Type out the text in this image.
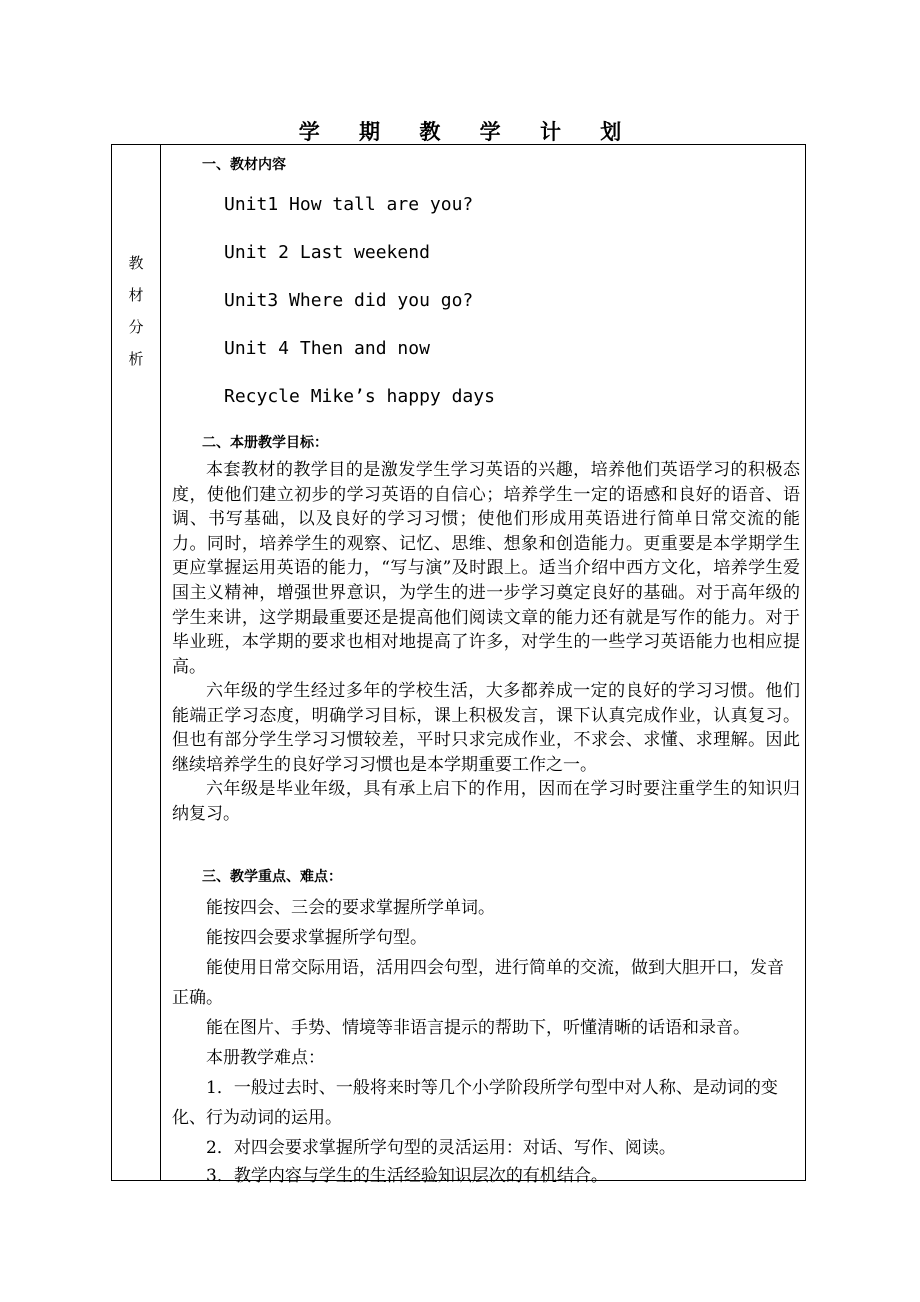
学 期 教 学 计 划
教
材
分
析
一、教材内容
Unit1 How tall are you?
Unit 2 Last weekend
Unit3 Where did you go?
Unit 4 Then and now
Recycle Mike’s happy days
二、本册教学目标：

本套教材的教学目的是激发学生学习英语的兴趣，培养他们英语学习的积极态度，使他们建立初步的学习英语的自信心；培养学生一定的语感和良好的语音、语调、书写基础，以及良好的学习习惯；使他们形成用英语进行简单日常交流的能力。同时，培养学生的观察、记忆、思维、想象和创造能力。更重要是本学期学生更应掌握运用英语的能力，“写与演”及时跟上。适当介绍中西方文化，培养学生爱国主义精神，增强世界意识，为学生的进一步学习奠定良好的基础。对于高年级的学生来讲，这学期最重要还是提高他们阅读文章的能力还有就是写作的能力。对于毕业班，本学期的要求也相对地提高了许多，对学生的一些学习英语能力也相应提高。

六年级的学生经过多年的学校生活，大多都养成一定的良好的学习习惯。他们能端正学习态度，明确学习目标，课上积极发言，课下认真完成作业，认真复习。但也有部分学生学习习惯较差，平时只求完成作业，不求会、求懂、求理解。因此继续培养学生的良好学习习惯也是本学期重要工作之一。

六年级是毕业年级，具有承上启下的作用，因而在学习时要注重学生的知识归纳复习。

三、教学重点、难点：

能按四会、三会的要求掌握所学单词。

能按四会要求掌握所学句型。

能使用日常交际用语，活用四会句型，进行简单的交流，做到大胆开口，发音正确。

能在图片、手势、情境等非语言提示的帮助下，听懂清晰的话语和录音。

本册教学难点：

1．一般过去时、一般将来时等几个小学阶段所学句型中对人称、是动词的变化、行为动词的运用。

2．对四会要求掌握所学句型的灵活运用：对话、写作、阅读。

3．教学内容与学生的生活经验知识层次的有机结合。
